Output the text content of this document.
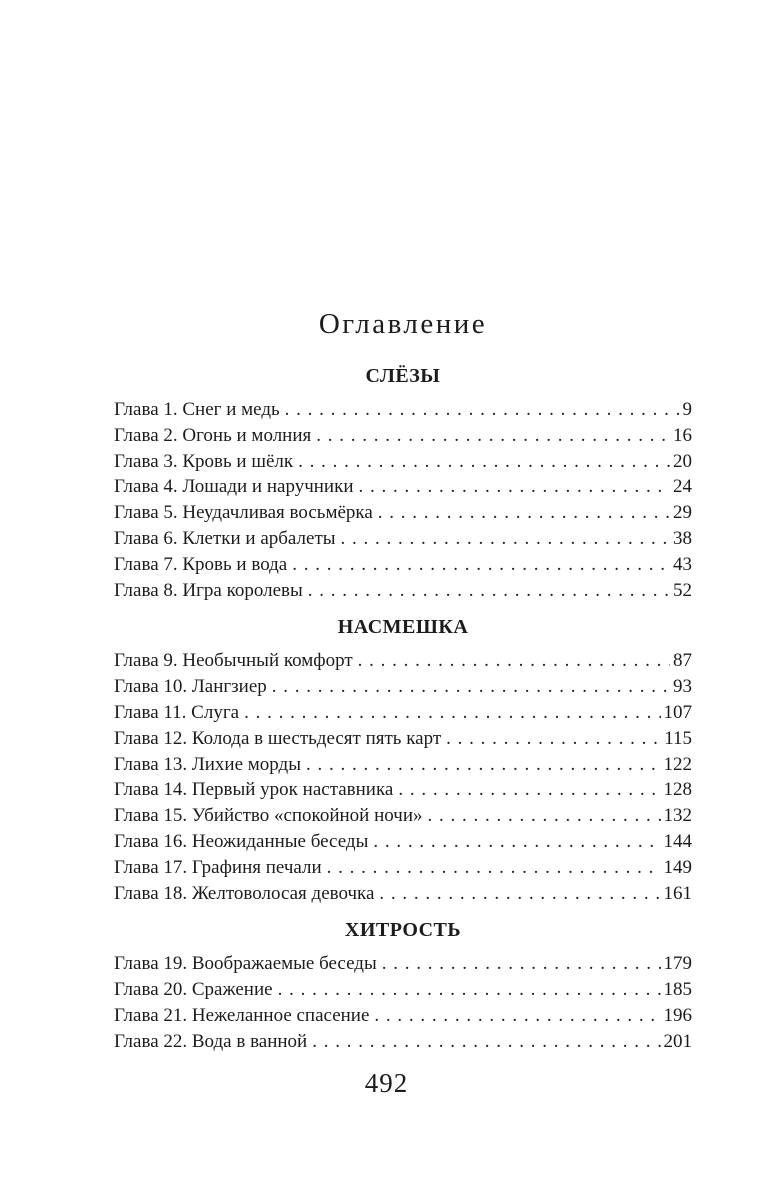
Оглавление
СЛЁЗЫ
Глава 1. Снег и медь . . .	9
Глава 2. Огонь и молния . . .	16
Глава 3. Кровь и шёлк . . .	20
Глава 4. Лошади и наручники . . .	24
Глава 5. Неудачливая восьмёрка . . .	29
Глава 6. Клетки и арбалеты . . .	38
Глава 7. Кровь и вода . . .	43
Глава 8. Игра королевы . . .	52
НАСМЕШКА
Глава 9. Необычный комфорт . . .	87
Глава 10. Лангзиер . . .	93
Глава 11. Слуга . . .	107
Глава 12. Колода в шестьдесят пять карт . . .	115
Глава 13. Лихие морды . . .	122
Глава 14. Первый урок наставника . . .	128
Глава 15. Убийство «спокойной ночи» . . .	132
Глава 16. Неожиданные беседы . . .	144
Глава 17. Графиня печали . . .	149
Глава 18. Желтоволосая девочка . . .	161
ХИТРОСТЬ
Глава 19. Воображаемые беседы . . .	179
Глава 20. Сражение . . .	185
Глава 21. Нежеланное спасение . . .	196
Глава 22. Вода в ванной . . .	201
492
